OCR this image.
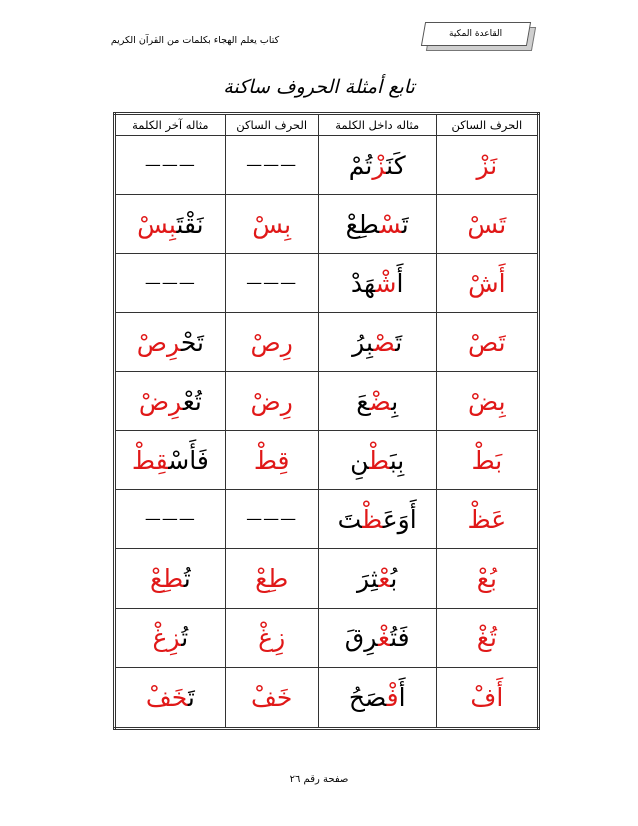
كتاب يعلم الهجاء بكلمات من القرآن الكريم
القاعدة المكية
تابع أمثلة الحروف ساكنة
الحرف الساكن	مثاله داخل الكلمة	الحرف الساكن	مثاله آخر الكلمة
نَزْ	كَنَزْتُمْ	———	———
تَسْ	تَسْطِعْ	بِسْ	نَقْتَبِسْ
أَشْ	أَشْهَدْ	———	———
تَصْ	تَصْبِرُ	رِصْ	تَحْرِصْ
بِضْ	بِضْعَ	رِضْ	تُعْرِضْ
بَطْ	بِبَطْنِ	قِطْ	فَأَسْقِطْ
عَظْ	أَوَعَظْتَ	———	———
بُعْ	بُعْثِرَ	طِعْ	تُطِعْ
تُغْ	فَتُغْرِقَ	زِغْ	تُزِغْ
أَفْ	أَفْصَحُ	خَفْ	تَخَفْ
صفحة رقم ٢٦
